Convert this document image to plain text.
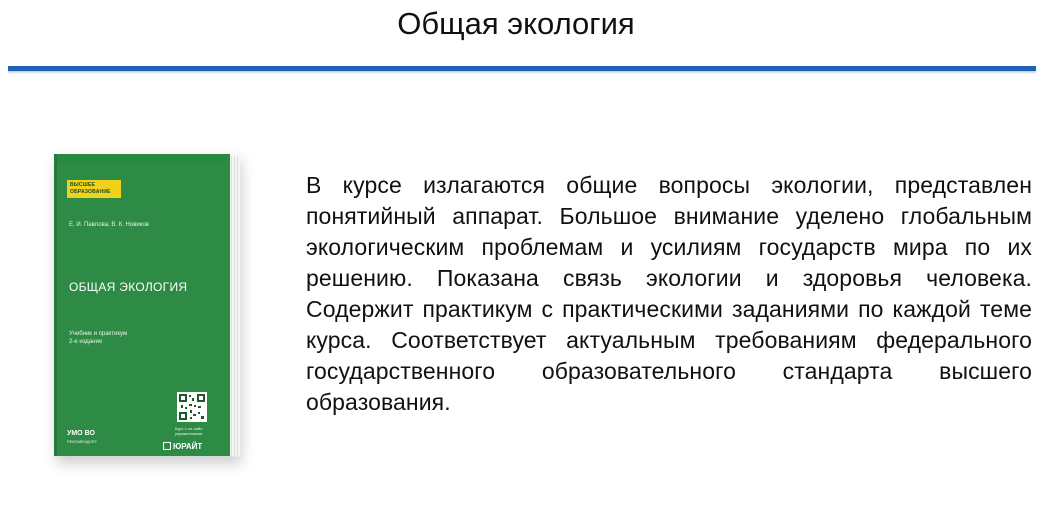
Общая экология
ВЫСШЕЕ
ОБРАЗОВАНИЕ
Е. И. Павлова, В. К. Новиков
ОБЩАЯ ЭКОЛОГИЯ
Учебник и практикум
2-е издание
Курс с он-лайн упражнениями
УМО ВО
РЕКОМЕНДУЕТ
ЮРАЙТ
В курсе излагаются общие вопросы экологии, представлен понятийный аппарат. Большое внимание уделено глобальным экологическим проблемам и усилиям государств мира по их решению. Показана связь экологии и здоровья человека. Содержит практикум с практическими заданиями по каждой теме курса. Соответствует актуальным требованиям федерального государственного образовательного стандарта высшего образования.
